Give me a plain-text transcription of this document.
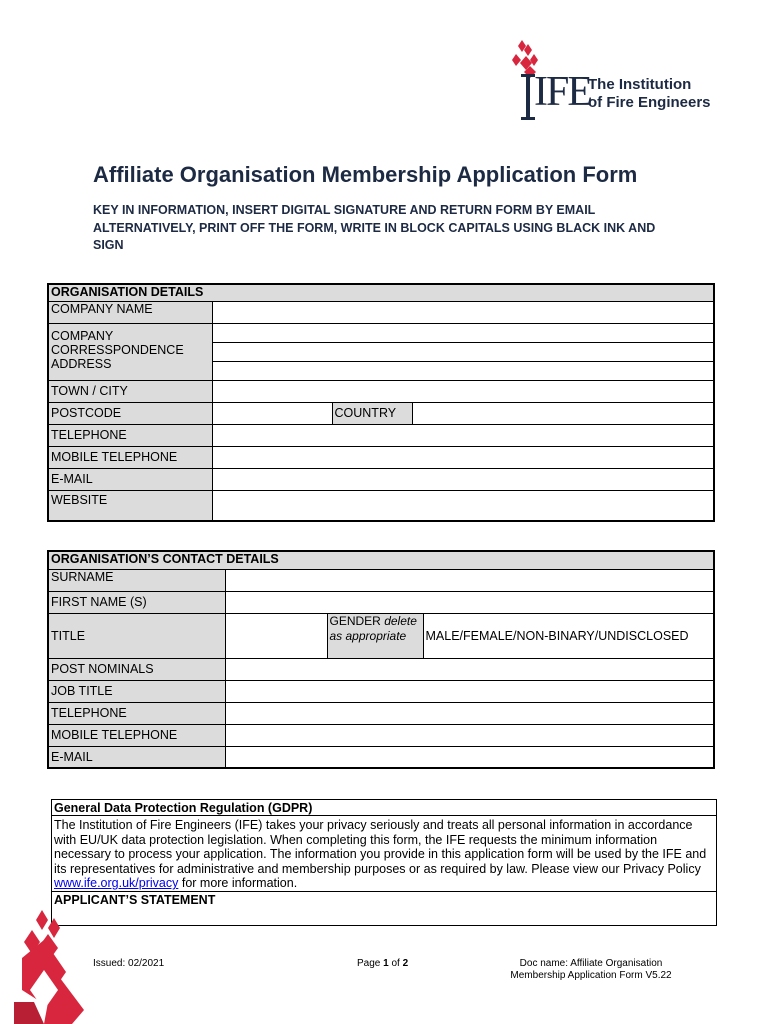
The Institution
of Fire Engineers
IFE
Affiliate Organisation Membership Application Form
KEY IN INFORMATION, INSERT DIGITAL SIGNATURE AND RETURN FORM BY EMAIL ALTERNATIVELY, PRINT OFF THE FORM, WRITE IN BLOCK CAPITALS USING BLACK INK AND SIGN
ORGANISATION DETAILS			
COMPANY NAME			
COMPANY CORRESSPONDENCE ADDRESS			

TOWN / CITY			
POSTCODE		COUNTRY	
TELEPHONE			
MOBILE TELEPHONE			
E-MAIL			
WEBSITE			
ORGANISATION’S CONTACT DETAILS			
SURNAME			
FIRST NAME (S)			
TITLE		GENDER delete as appropriate	MALE/FEMALE/NON-BINARY/UNDISCLOSED
POST NOMINALS			
JOB TITLE			
TELEPHONE			
MOBILE TELEPHONE			
E-MAIL			
General Data Protection Regulation (GDPR)
The Institution of Fire Engineers (IFE) takes your privacy seriously and treats all personal information in accordance with EU/UK data protection legislation. When completing this form, the IFE requests the minimum information necessary to process your application. The information you provide in this application form will be used by the IFE and its representatives for administrative and membership purposes or as required by law. Please view our Privacy Policy www.ife.org.uk/privacy for more information.
APPLICANT’S STATEMENT
Issued: 02/2021	Page 1 of 2	Doc name: Affiliate Organisation Membership Application Form V5.22
